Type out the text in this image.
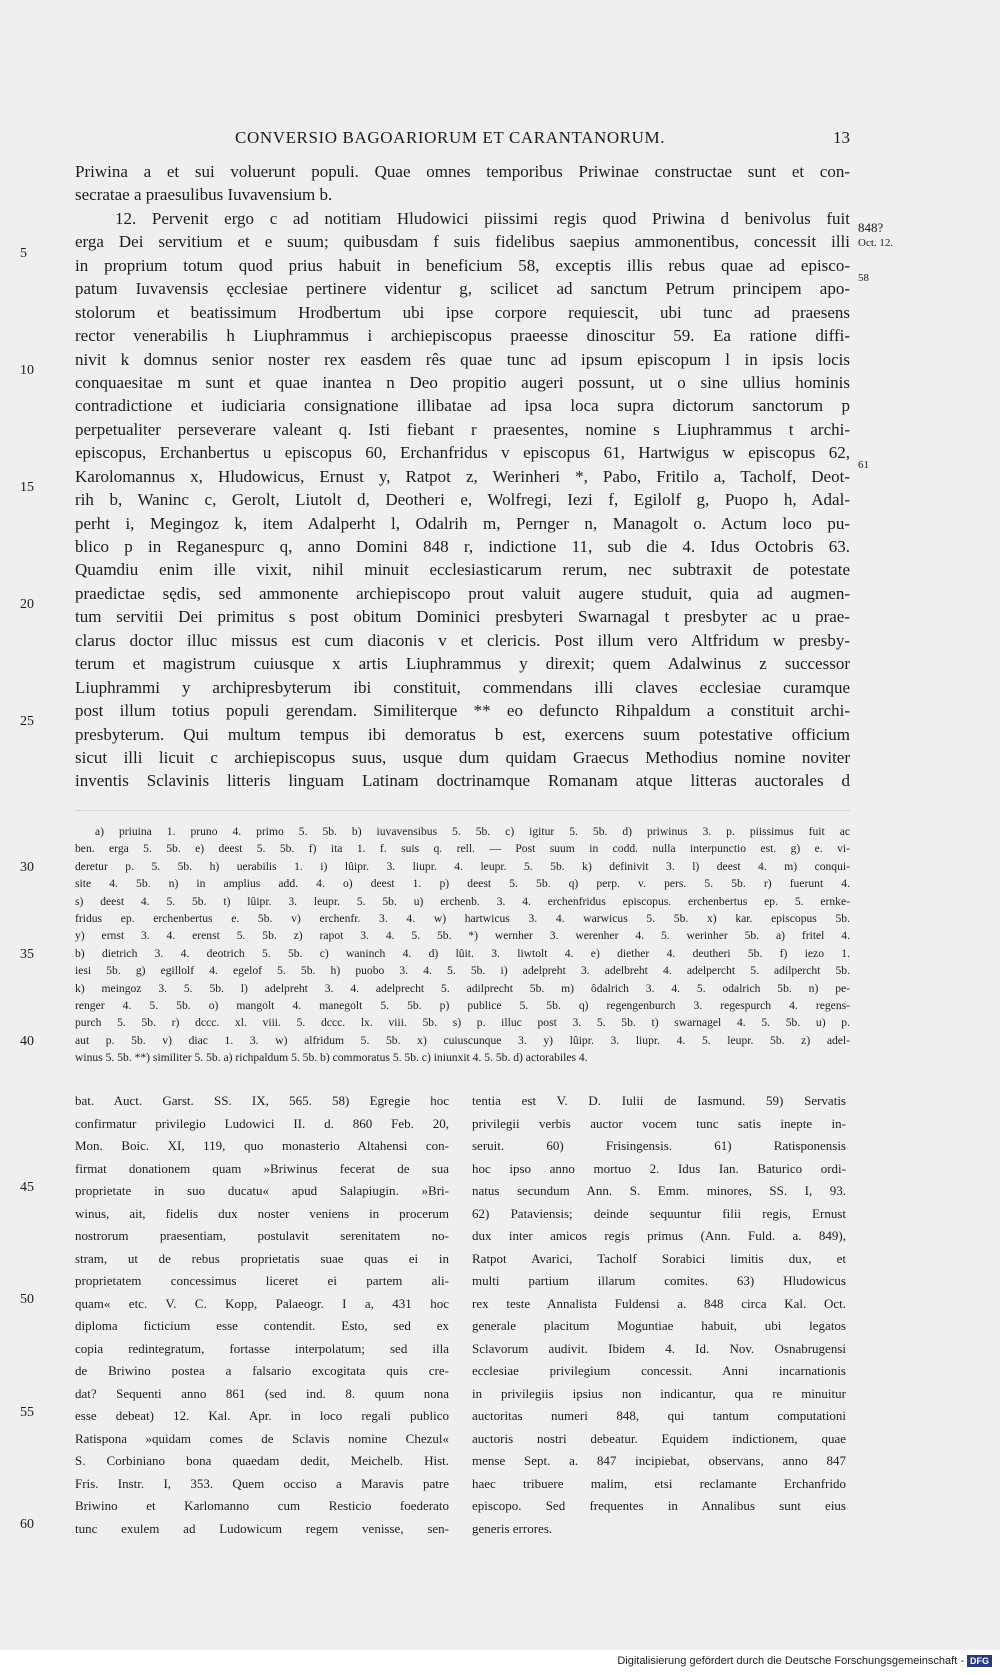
CONVERSIO BAGOARIORUM ET CARANTANORUM.	13
5
10
15
20
25
30
35
40
45
50
55
60
848?
Oct. 12.
58
61
Priwina a et sui voluerunt populi. Quae omnes temporibus Priwinae constructae sunt et con-
secratae a praesulibus Iuvavensium b.
12. Pervenit ergo c ad notitiam Hludowici piissimi regis quod Priwina d benivolus fuit
erga Dei servitium et e suum; quibusdam f suis fidelibus saepius ammonentibus, concessit illi
in proprium totum quod prius habuit in beneficium 58, exceptis illis rebus quae ad episco-
patum Iuvavensis ęcclesiae pertinere videntur g, scilicet ad sanctum Petrum principem apo-
stolorum et beatissimum Hrodbertum ubi ipse corpore requiescit, ubi tunc ad praesens
rector venerabilis h Liuphrammus i archiepiscopus praeesse dinoscitur 59. Ea ratione diffi-
nivit k domnus senior noster rex easdem rês quae tunc ad ipsum episcopum l in ipsis locis
conquaesitae m sunt et quae inantea n Deo propitio augeri possunt, ut o sine ullius hominis
contradictione et iudiciaria consignatione illibatae ad ipsa loca supra dictorum sanctorum p
perpetualiter perseverare valeant q. Isti fiebant r praesentes, nomine s Liuphrammus t archi-
episcopus, Erchanbertus u episcopus 60, Erchanfridus v episcopus 61, Hartwigus w episcopus 62,
Karolomannus x, Hludowicus, Ernust y, Ratpot z, Werinheri *, Pabo, Fritilo a, Tacholf, Deot-
rih b, Waninc c, Gerolt, Liutolt d, Deotheri e, Wolfregi, Iezi f, Egilolf g, Puopo h, Adal-
perht i, Megingoz k, item Adalperht l, Odalrih m, Pernger n, Managolt o. Actum loco pu-
blico p in Reganespurc q, anno Domini 848 r, indictione 11, sub die 4. Idus Octobris 63.
Quamdiu enim ille vixit, nihil minuit ecclesiasticarum rerum, nec subtraxit de potestate
praedictae sędis, sed ammonente archiepiscopo prout valuit augere studuit, quia ad augmen-
tum servitii Dei primitus s post obitum Dominici presbyteri Swarnagal t presbyter ac u prae-
clarus doctor illuc missus est cum diaconis v et clericis. Post illum vero Altfridum w presby-
terum et magistrum cuiusque x artis Liuphrammus y direxit; quem Adalwinus z successor
Liuphrammi y archipresbyterum ibi constituit, commendans illi claves ecclesiae curamque
post illum totius populi gerendam. Similiterque ** eo defuncto Rihpaldum a constituit archi-
presbyterum. Qui multum tempus ibi demoratus b est, exercens suum potestative officium
sicut illi licuit c archiepiscopus suus, usque dum quidam Graecus Methodius nomine noviter
inventis Sclavinis litteris linguam Latinam doctrinamque Romanam atque litteras auctorales d
a) priuina 1. pruno 4. primo 5. 5b. b) iuvavensibus 5. 5b. c) igitur 5. 5b. d) priwinus 3. p. piissimus fuit ac
ben. erga 5. 5b. e) deest 5. 5b. f) ita 1. f. suis q. rell. — Post suum in codd. nulla interpunctio est. g) e. vi-
deretur p. 5. 5b. h) uerabilis 1. i) lûipr. 3. liupr. 4. leupr. 5. 5b. k) definivit 3. l) deest 4. m) conqui-
site 4. 5b. n) in amplius add. 4. o) deest 1. p) deest 5. 5b. q) perp. v. pers. 5. 5b. r) fuerunt 4.
s) deest 4. 5. 5b. t) lûipr. 3. leupr. 5. 5b. u) erchenb. 3. 4. erchenfridus episcopus. erchenbertus ep. 5. ernke-
fridus ep. erchenbertus e. 5b. v) erchenfr. 3. 4. w) hartwicus 3. 4. warwicus 5. 5b. x) kar. episcopus 5b.
y) ernst 3. 4. erenst 5. 5b. z) rapot 3. 4. 5. 5b. *) wernher 3. werenher 4. 5. werinher 5b. a) fritel 4.
b) dietrich 3. 4. deotrich 5. 5b. c) waninch 4. d) lûit. 3. liwtolt 4. e) diether 4. deutheri 5b. f) iezo 1.
iesi 5b. g) egillolf 4. egelof 5. 5b. h) puobo 3. 4. 5. 5b. i) adelpreht 3. adelbreht 4. adelpercht 5. adilpercht 5b.
k) meingoz 3. 5. 5b. l) adelpreht 3. 4. adelprecht 5. adilprecht 5b. m) ôdalrich 3. 4. 5. odalrich 5b. n) pe-
renger 4. 5. 5b. o) mangolt 4. manegolt 5. 5b. p) publice 5. 5b. q) regengenburch 3. regespurch 4. regens-
purch 5. 5b. r) dccc. xl. viii. 5. dccc. lx. viii. 5b. s) p. illuc post 3. 5. 5b. t) swarnagel 4. 5. 5b. u) p.
aut p. 5b. v) diac 1. 3. w) alfridum 5. 5b. x) cuiuscunque 3. y) lûipr. 3. liupr. 4. 5. leupr. 5b. z) adel-
winus 5. 5b. **) similiter 5. 5b. a) richpaldum 5. 5b. b) commoratus 5. 5b. c) iniunxit 4. 5. 5b. d) actorabiles 4.
bat. Auct. Garst. SS. IX, 565. 58) Egregie hoc
confirmatur privilegio Ludowici II. d. 860 Feb. 20,
Mon. Boic. XI, 119, quo monasterio Altahensi con-
firmat donationem quam »Briwinus fecerat de sua
proprietate in suo ducatu« apud Salapiugin. »Bri-
winus, ait, fidelis dux noster veniens in procerum
nostrorum praesentiam, postulavit serenitatem no-
stram, ut de rebus proprietatis suae quas ei in
proprietatem concessimus liceret ei partem ali-
quam« etc. V. C. Kopp, Palaeogr. I a, 431 hoc
diploma ficticium esse contendit. Esto, sed ex
copia redintegratum, fortasse interpolatum; sed illa
de Briwino postea a falsario excogitata quis cre-
dat? Sequenti anno 861 (sed ind. 8. quum nona
esse debeat) 12. Kal. Apr. in loco regali publico
Ratispona »quidam comes de Sclavis nomine Chezul«
S. Corbiniano bona quaedam dedit, Meichelb. Hist.
Fris. Instr. I, 353. Quem occiso a Maravis patre
Briwino et Karlomanno cum Resticio foederato
tunc exulem ad Ludowicum regem venisse, sen-
tentia est V. D. Iulii de Iasmund. 59) Servatis
privilegii verbis auctor vocem tunc satis inepte in-
seruit. 60) Frisingensis. 61) Ratisponensis
hoc ipso anno mortuo 2. Idus Ian. Baturico ordi-
natus secundum Ann. S. Emm. minores, SS. I, 93.
62) Pataviensis; deinde sequuntur filii regis, Ernust
dux inter amicos regis primus (Ann. Fuld. a. 849),
Ratpot Avarici, Tacholf Sorabici limitis dux, et
multi partium illarum comites. 63) Hludowicus
rex teste Annalista Fuldensi a. 848 circa Kal. Oct.
generale placitum Moguntiae habuit, ubi legatos
Sclavorum audivit. Ibidem 4. Id. Nov. Osnabrugensi
ecclesiae privilegium concessit. Anni incarnationis
in privilegiis ipsius non indicantur, qua re minuitur
auctoritas numeri 848, qui tantum computationi
auctoris nostri debeatur. Equidem indictionem, quae
mense Sept. a. 847 incipiebat, observans, anno 847
haec tribuere malim, etsi reclamante Erchanfrido
episcopo. Sed frequentes in Annalibus sunt eius
generis errores.
Digitalisierung gefördert durch die Deutsche Forschungsgemeinschaft - DFG
